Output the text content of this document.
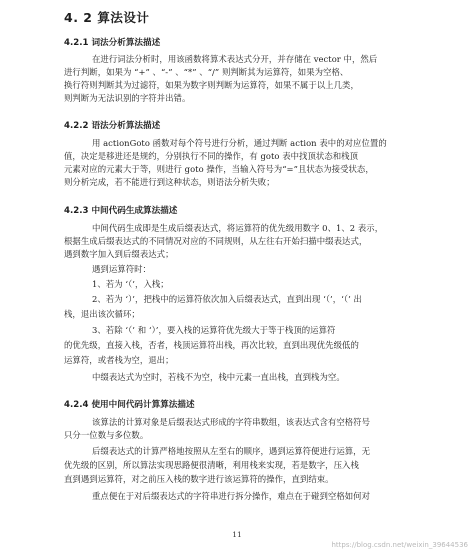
4. 2 算法设计
4.2.1 词法分析算法描述
在进行词法分析时，用该函数将算术表达式分开，并存储在 vector 中，然后
进行判断，如果为 “+” 、“-” 、“*” 、“/” 则判断其为运算符，如果为空格、
换行符则判断其为过滤符，如果为数字则判断为运算符，如果不属于以上几类，
则判断为无法识别的字符并出错。
4.2.2 语法分析算法描述
用 actionGoto 函数对每个符号进行分析，通过判断 action 表中的对应位置的
值，决定是移进还是规约，分别执行不同的操作，有 goto 表中找顶状态和栈顶
元素对应的元素大于等，则进行 goto 操作，当输入符号为“=”且状态为接受状态，
则分析完成，若不能进行到这种状态，则语法分析失败；
4.2.3 中间代码生成算法描述
中间代码生成即是生成后缀表达式，将运算符的优先级用数字 0、1、2 表示，
根据生成后缀表达式的不同情况对应的不同规则，从左往右开始扫描中缀表达式，
遇到数字加入到后缀表达式；
遇到运算符时：
1、若为 ‘（’，入栈；
2、若为 ‘）’，把栈中的运算符依次加入后缀表达式，直到出现 ‘（’，‘（’ 出
栈，退出该次循环；
3、若除 ‘（’ 和 ‘）’，要入栈的运算符优先级大于等于栈顶的运算符
的优先级，直接入栈，否者，栈顶运算符出栈，再次比较，直到出现优先级低的
运算符，或者栈为空，退出；
中缀表达式为空时，若栈不为空，栈中元素一直出栈，直到栈为空。
4.2.4 使用中间代码计算算法描述
该算法的计算对象是后缀表达式形成的字符串数组，该表达式含有空格符号
只分一位数与多位数。
后缀表达式的计算严格地按照从左至右的顺序，遇到运算符便进行运算，无
优先级的区别，所以算法实现思路便很清晰，利用栈来实现，若是数字，压入栈
直到遇到运算符，对之前压入栈的数字进行该运算符的操作，直到结束。
重点便在于对后缀表达式的字符串进行拆分操作，难点在于碰到空格如何对
11
https://blog.csdn.net/weixin_39644536
